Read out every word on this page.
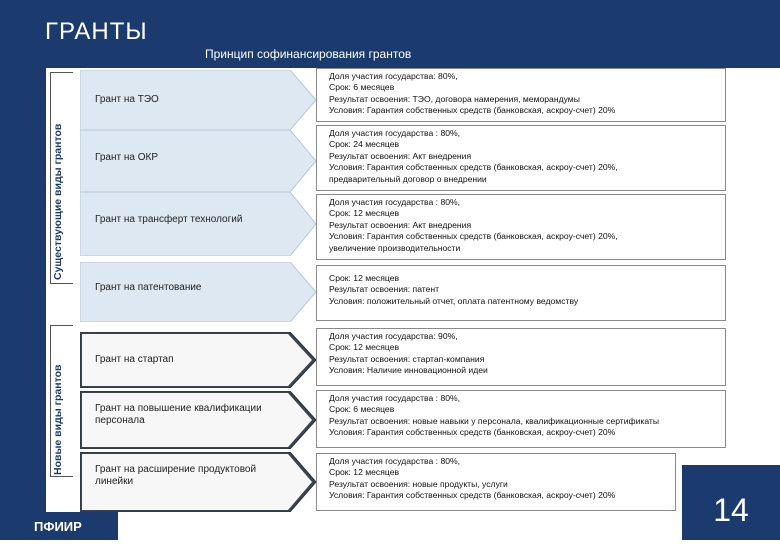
ГРАНТЫ
Принцип софинансирования грантов
Существующие виды грантов
Новые виды грантов
Грант на ТЭО
Грант на ОКР
Грант на трансферт технологий
Грант на патентование
Грант на стартап
Грант на повышение квалификации персонала
Грант на расширение продуктовой линейки
Доля участия государства: 80%,
Срок: 6 месяцев
Результат освоения: ТЭО, договора намерения, меморандумы
Условия: Гарантия собственных средств (банковская, аскроу-счет) 20%
Доля участия государства : 80%,
Срок: 24 месяцев
Результат освоения: Акт внедрения
Условия: Гарантия собственных средств (банковская, аскроу-счет) 20%,
предварительный договор о внедрении
Доля участия государства : 80%,
Срок: 12 месяцев
Результат освоения: Акт внедрения
Условия: Гарантия собственных средств (банковская, аскроу-счет) 20%,
увеличение производительности
Срок: 12 месяцев
Результат освоения: патент
Условия: положительный отчет, оплата патентному ведомству
Доля участия государства: 90%,
Срок: 12 месяцев
Результат освоения: стартап-компания
Условия: Наличие инновационной идеи
Доля участия государства : 80%,
Срок: 6 месяцев
Результат освоения: новые навыки у персонала, квалификационные сертификаты
Условия: Гарантия собственных средств (банковская, аскроу-счет) 20%
Доля участия государства : 80%,
Срок: 12 месяцев
Результат освоения: новые продукты, услуги
Условия: Гарантия собственных средств (банковская, аскроу-счет) 20%
ПФИИР	14
